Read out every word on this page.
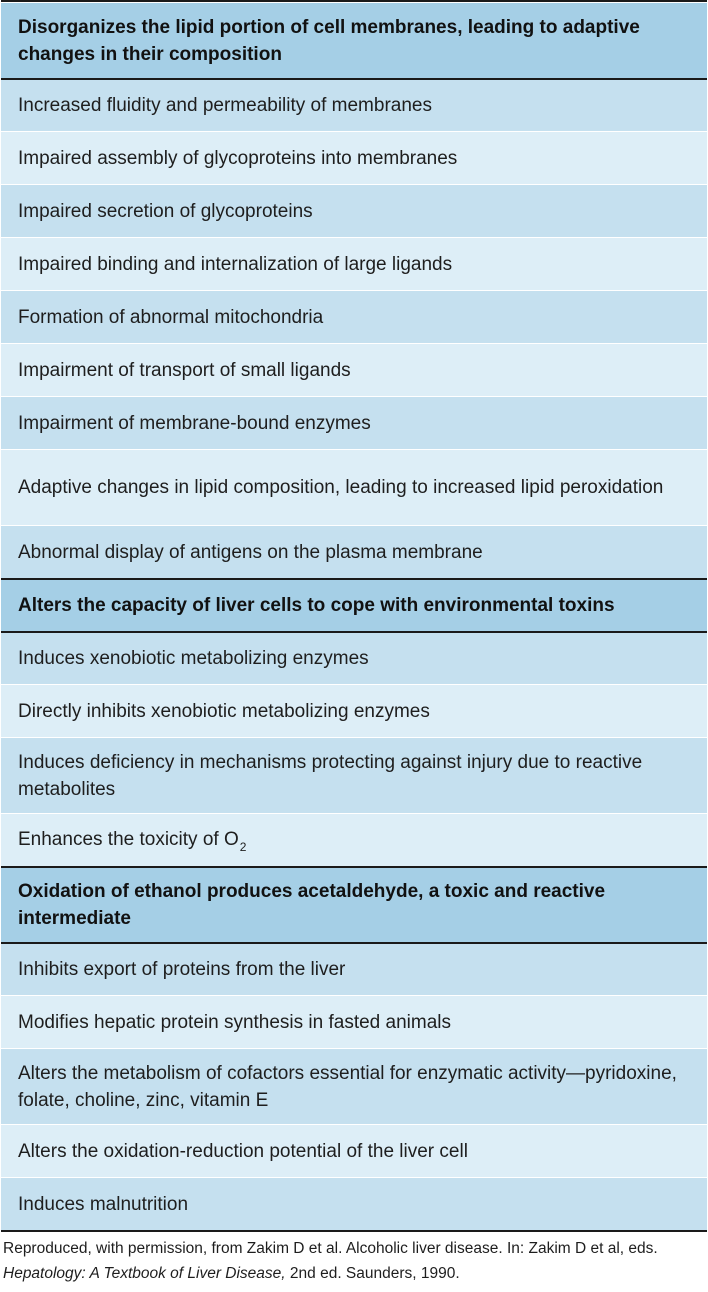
Disorganizes the lipid portion of cell membranes, leading to adaptive changes in their composition
Increased fluidity and permeability of membranes
Impaired assembly of glycoproteins into membranes
Impaired secretion of glycoproteins
Impaired binding and internalization of large ligands
Formation of abnormal mitochondria
Impairment of transport of small ligands
Impairment of membrane-bound enzymes
Adaptive changes in lipid composition, leading to increased lipid peroxidation
Abnormal display of antigens on the plasma membrane
Alters the capacity of liver cells to cope with environmental toxins
Induces xenobiotic metabolizing enzymes
Directly inhibits xenobiotic metabolizing enzymes
Induces deficiency in mechanisms protecting against injury due to reactive metabolites
Enhances the toxicity of $O_2$
Oxidation of ethanol produces acetaldehyde, a toxic and reactive intermediate
Inhibits export of proteins from the liver
Modifies hepatic protein synthesis in fasted animals
Alters the metabolism of cofactors essential for enzymatic activity—pyridoxine, folate, choline, zinc, vitamin E
Alters the oxidation-reduction potential of the liver cell
Induces malnutrition
Reproduced, with permission, from Zakim D et al. Alcoholic liver disease. In: Zakim D et al, eds. Hepatology: A Textbook of Liver Disease, 2nd ed. Saunders, 1990.
